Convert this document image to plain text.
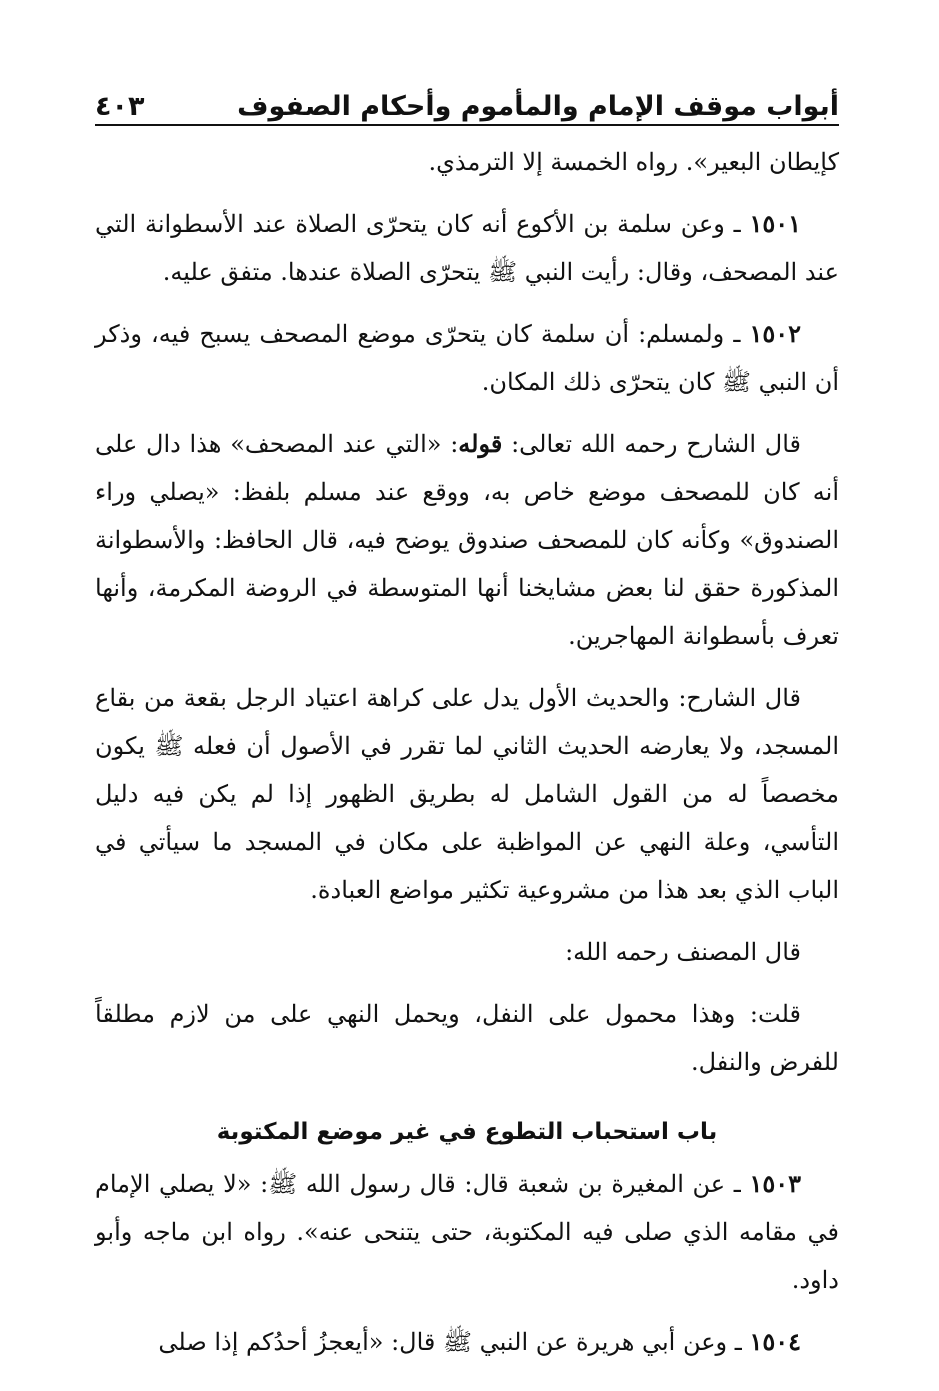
أبواب موقف الإمام والمأموم وأحكام الصفوف
٤٠٣

كإيطان البعير». رواه الخمسة إلا الترمذي.

١٥٠١ ـ وعن سلمة بن الأكوع أنه كان يتحرّى الصلاة عند الأسطوانة التي عند المصحف، وقال: رأيت النبي ﷺ يتحرّى الصلاة عندها. متفق عليه.

١٥٠٢ ـ ولمسلم: أن سلمة كان يتحرّى موضع المصحف يسبح فيه، وذكر أن النبي ﷺ كان يتحرّى ذلك المكان.

قال الشارح رحمه الله تعالى: قوله: «التي عند المصحف» هذا دال على أنه كان للمصحف موضع خاص به، ووقع عند مسلم بلفظ: «يصلي وراء الصندوق» وكأنه كان للمصحف صندوق يوضح فيه، قال الحافظ: والأسطوانة المذكورة حقق لنا بعض مشايخنا أنها المتوسطة في الروضة المكرمة، وأنها تعرف بأسطوانة المهاجرين.

قال الشارح: والحديث الأول يدل على كراهة اعتياد الرجل بقعة من بقاع المسجد، ولا يعارضه الحديث الثاني لما تقرر في الأصول أن فعله ﷺ يكون مخصصاً له من القول الشامل له بطريق الظهور إذا لم يكن فيه دليل التأسي، وعلة النهي عن المواظبة على مكان في المسجد ما سيأتي في الباب الذي بعد هذا من مشروعية تكثير مواضع العبادة.

قال المصنف رحمه الله:

قلت: وهذا محمول على النفل، ويحمل النهي على من لازم مطلقاً للفرض والنفل.

باب استحباب التطوع في غير موضع المكتوبة

١٥٠٣ ـ عن المغيرة بن شعبة قال: قال رسول الله ﷺ: «لا يصلي الإمام في مقامه الذي صلى فيه المكتوبة، حتى يتنحى عنه». رواه ابن ماجه وأبو داود.

١٥٠٤ ـ وعن أبي هريرة عن النبي ﷺ قال: «أيعجزُ أحدُكم إذا صلى
